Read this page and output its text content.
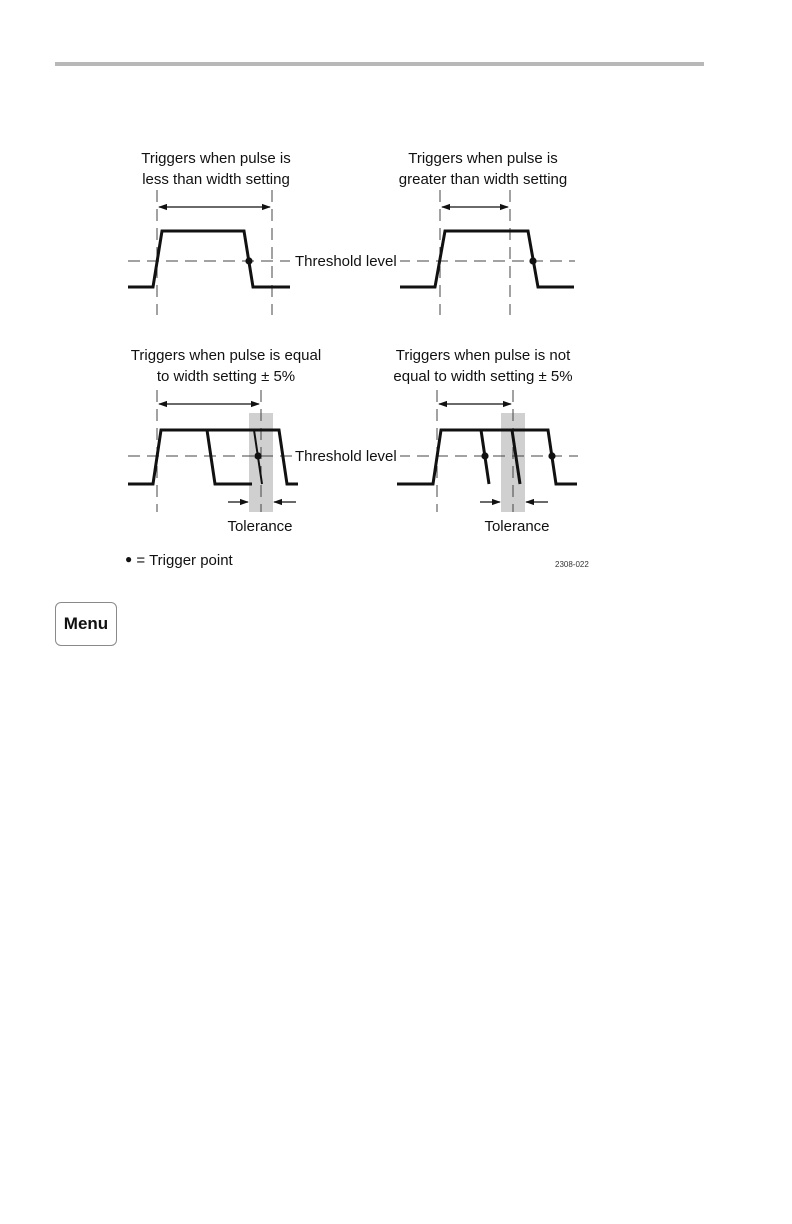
Triggers when pulse is
less than width setting
Triggers when pulse is
greater than width setting
Triggers when pulse is equal
to width setting ± 5%
Triggers when pulse is not
equal to width setting ± 5%
Threshold level
Threshold level
Tolerance	Tolerance
● = Trigger point	2308-022
Menu
